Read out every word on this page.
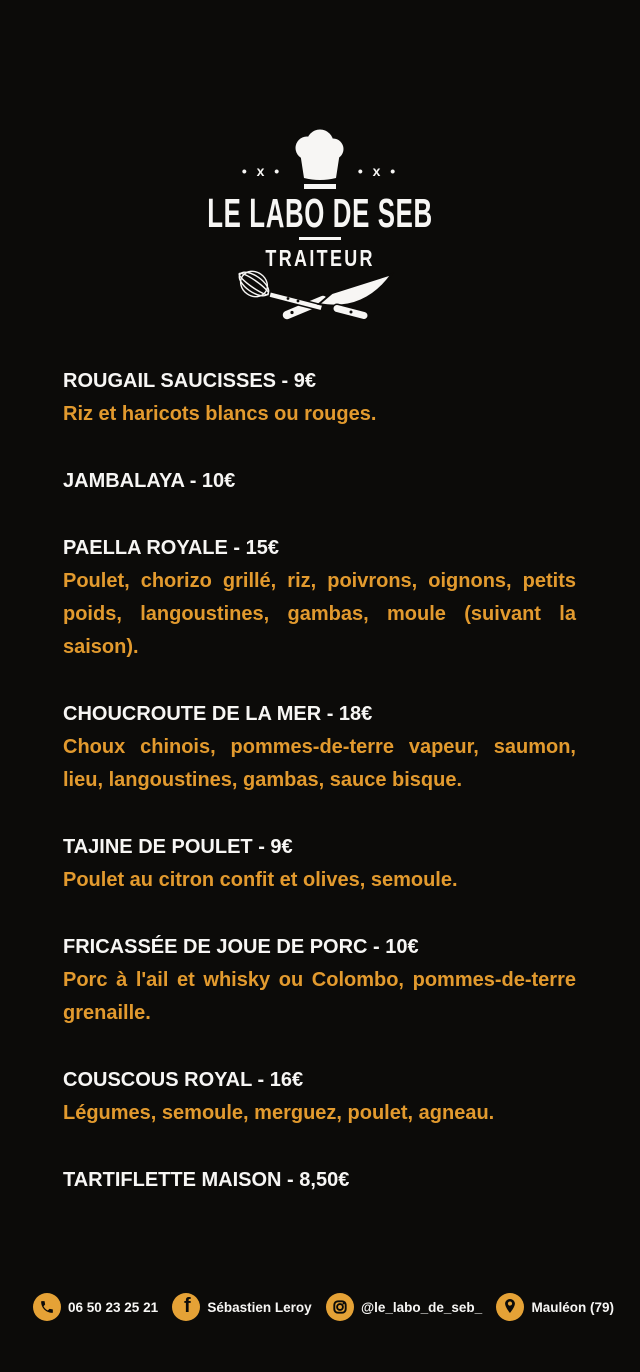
• x •	• x •
LE LABO DE SEB
TRAITEUR

ROUGAIL SAUCISSES - 9€

Riz et haricots blancs ou rouges.

JAMBALAYA - 10€

PAELLA ROYALE - 15€

Poulet, chorizo grillé, riz, poivrons, oignons, petits poids, langoustines, gambas, moule (suivant la saison).

CHOUCROUTE DE LA MER - 18€

Choux chinois, pommes-de-terre vapeur, saumon, lieu, langoustines, gambas, sauce bisque.

TAJINE DE POULET - 9€

Poulet au citron confit et olives, semoule.

FRICASSÉE DE JOUE DE PORC - 10€

Porc à l'ail et whisky ou Colombo, pommes-de-terre grenaille.

COUSCOUS ROYAL - 16€

Légumes, semoule, merguez, poulet, agneau.

TARTIFLETTE MAISON - 8,50€

06 50 23 25 21 f Sébastien Leroy	@le_labo_de_seb_	Mauléon (79)
